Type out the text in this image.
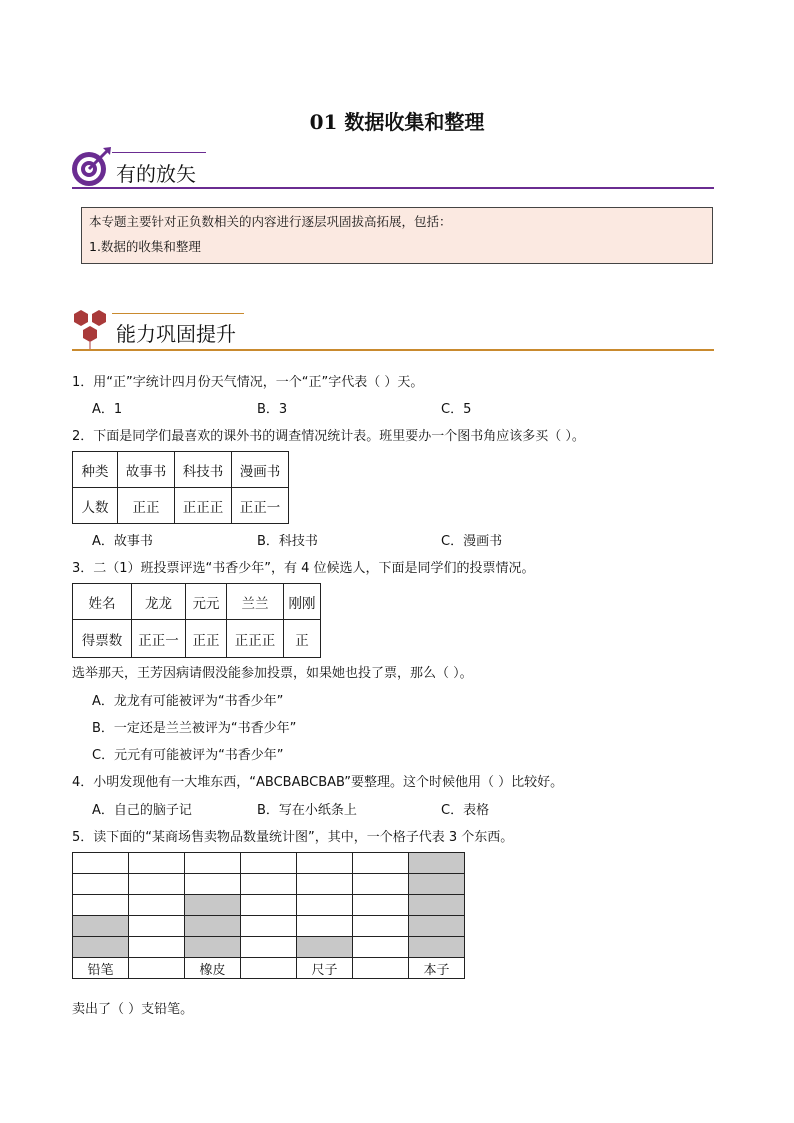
01 数据收集和整理
有的放矢
本专题主要针对正负数相关的内容进行逐层巩固拔高拓展，包括：
1.数据的收集和整理
能力巩固提升
1．用“正”字统计四月份天气情况，一个“正”字代表（ ）天。
A．1	B．3	C．5
2．下面是同学们最喜欢的课外书的调查情况统计表。班里要办一个图书角应该多买（ ）。
种类	故事书	科技书	漫画书
人数	正正	正正正	正正一
A．故事书	B．科技书	C．漫画书
3．二（1）班投票评选“书香少年”，有 4 位候选人，下面是同学们的投票情况。
姓名	龙龙	元元	兰兰	刚刚
得票数	正正一	正正	正正正	正
选举那天，王芳因病请假没能参加投票，如果她也投了票，那么（ ）。
A．龙龙有可能被评为“书香少年”
B．一定还是兰兰被评为“书香少年”
C．元元有可能被评为“书香少年”
4．小明发现他有一大堆东西，“ABCBABCBAB”要整理。这个时候他用（ ）比较好。
A．自己的脑子记	B．写在小纸条上	C．表格
5．读下面的“某商场售卖物品数量统计图”，其中，一个格子代表 3 个东西。

铅笔		橡皮		尺子		本子
卖出了（ ）支铅笔。
